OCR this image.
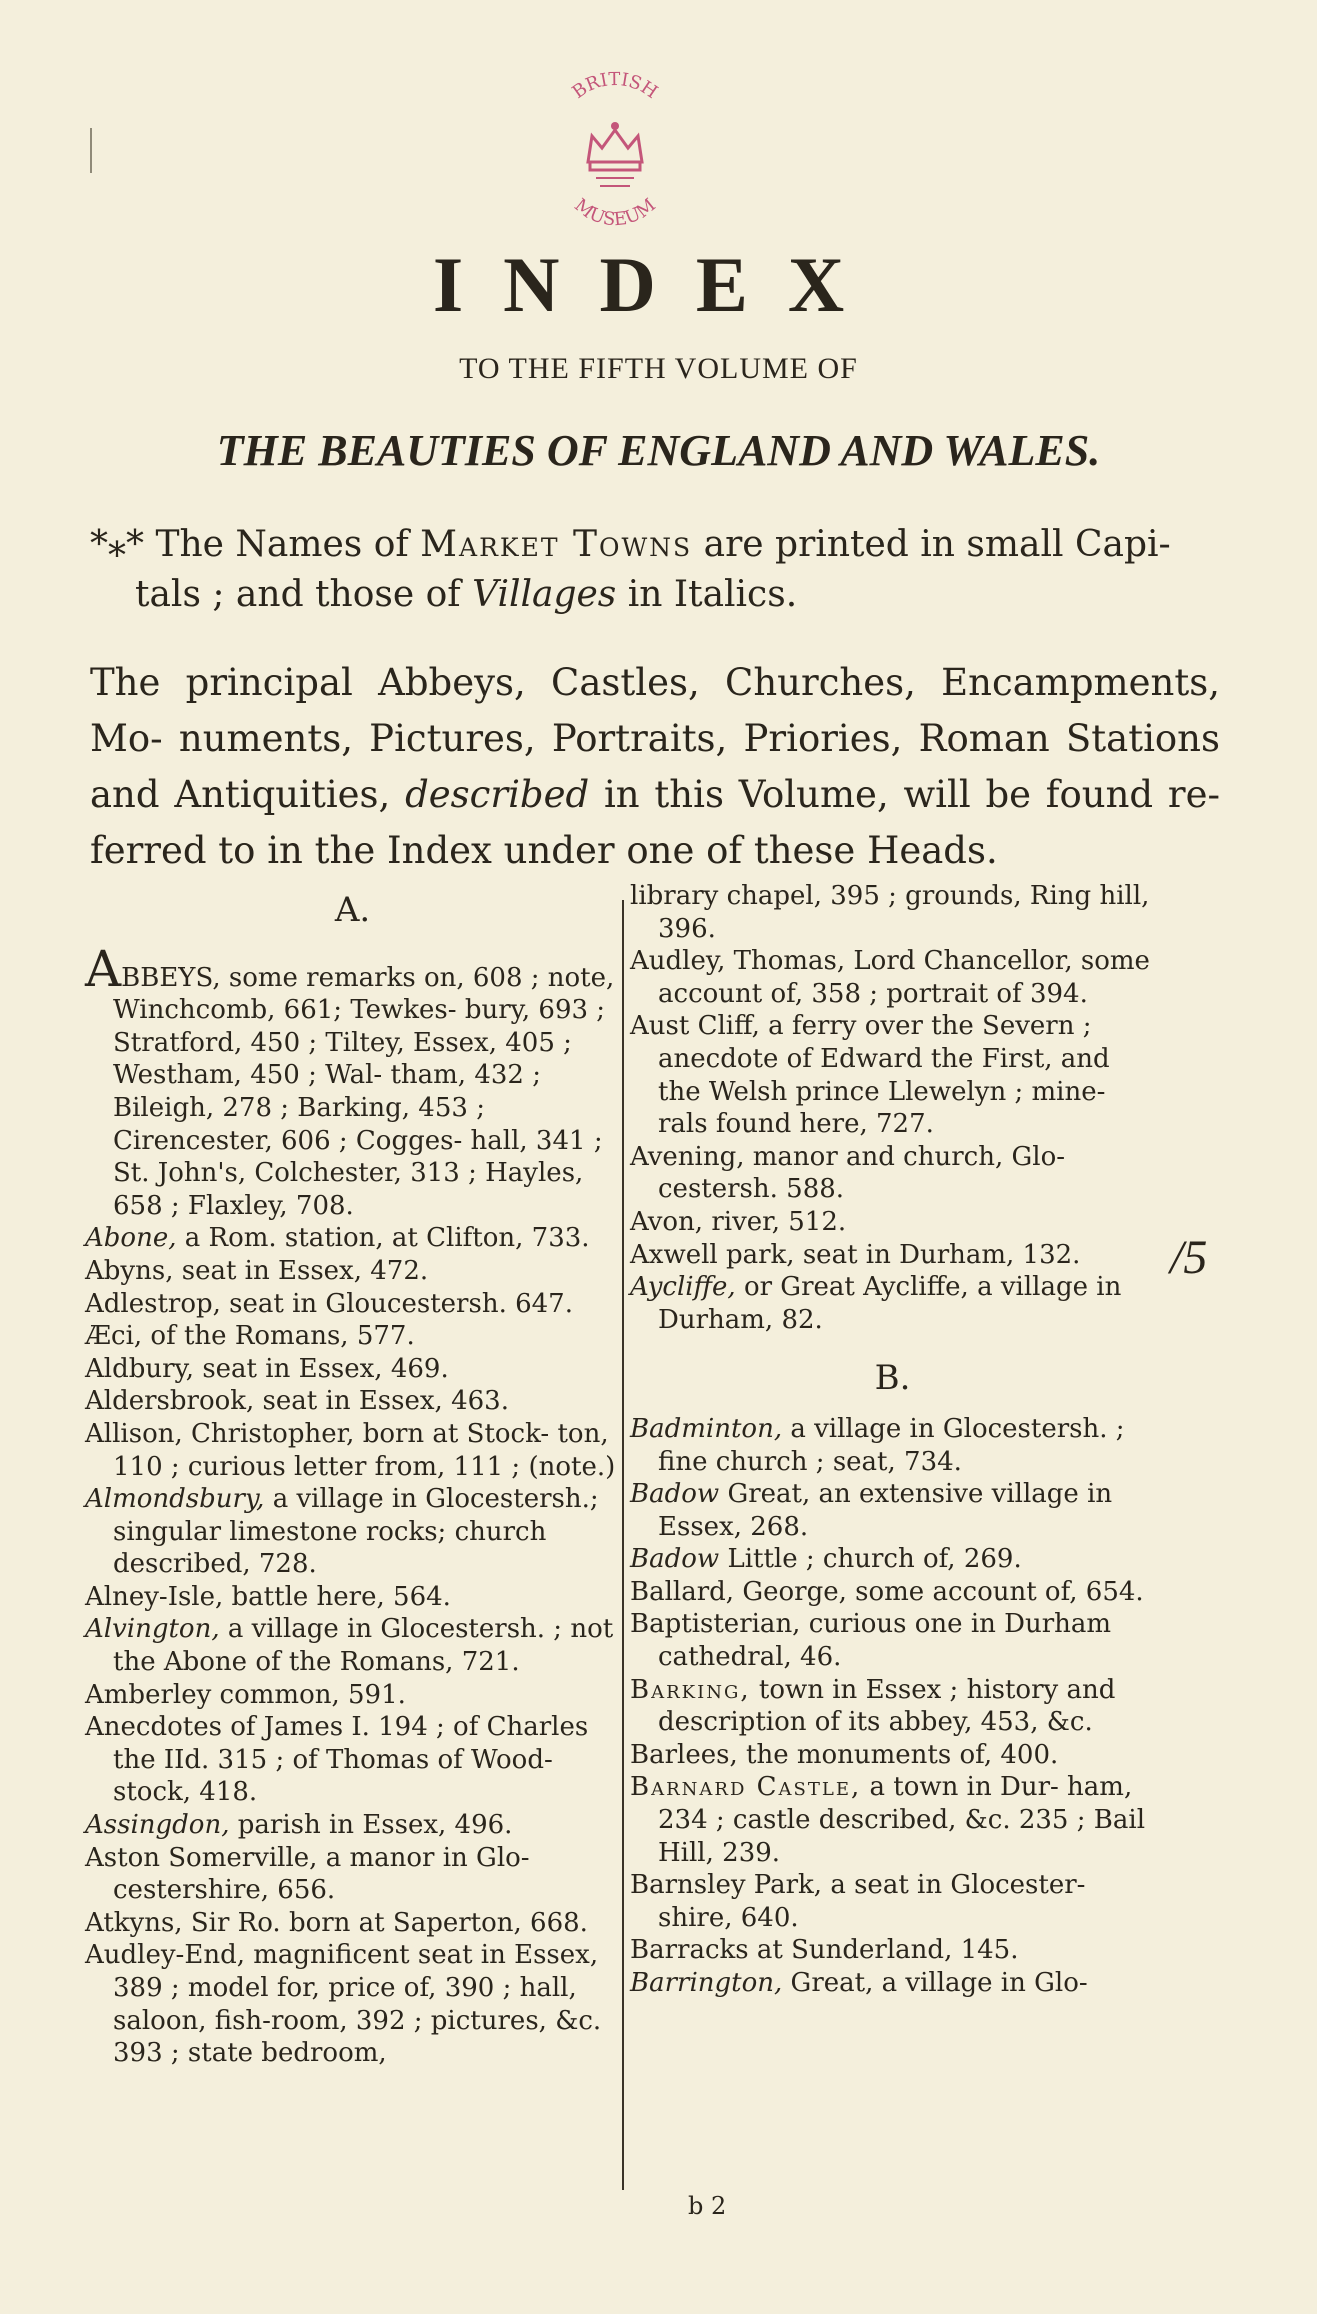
BRITISH
MUSEUM
INDEX
TO THE FIFTH VOLUME OF
THE BEAUTIES OF ENGLAND AND WALES.
*⁎* The Names of Market Towns are printed in small Capi-
tals ; and those of Villages in Italics.
The principal Abbeys, Castles, Churches, Encampments, Mo- numents, Pictures, Portraits, Priories, Roman Stations and Antiquities, described in this Volume, will be found re- ferred to in the Index under one of these Heads.
A.
ABBEYS, some remarks on, 608 ; note, Winchcomb, 661; Tewkes- bury, 693 ; Stratford, 450 ; Tiltey, Essex, 405 ; Westham, 450 ; Wal- tham, 432 ; Bileigh, 278 ; Barking, 453 ; Cirencester, 606 ; Cogges- hall, 341 ; St. John's, Colchester, 313 ; Hayles, 658 ; Flaxley, 708.
Abone, a Rom. station, at Clifton, 733.
Abyns, seat in Essex, 472.
Adlestrop, seat in Gloucestersh. 647.
Æci, of the Romans, 577.
Aldbury, seat in Essex, 469.
Aldersbrook, seat in Essex, 463.
Allison, Christopher, born at Stock- ton, 110 ; curious letter from, 111 ; (note.)
Almondsbury, a village in Glocestersh.; singular limestone rocks; church described, 728.
Alney-Isle, battle here, 564.
Alvington, a village in Glocestersh. ; not the Abone of the Romans, 721.
Amberley common, 591.
Anecdotes of James I. 194 ; of Charles the IId. 315 ; of Thomas of Wood- stock, 418.
Assingdon, parish in Essex, 496.
Aston Somerville, a manor in Glo- cestershire, 656.
Atkyns, Sir Ro. born at Saperton, 668.
Audley-End, magnificent seat in Essex, 389 ; model for, price of, 390 ; hall, saloon, fish-room, 392 ; pictures, &c. 393 ; state bedroom,
library chapel, 395 ; grounds, Ring hill, 396.
Audley, Thomas, Lord Chancellor, some account of, 358 ; portrait of 394.
Aust Cliff, a ferry over the Severn ; anecdote of Edward the First, and the Welsh prince Llewelyn ; mine- rals found here, 727.
Avening, manor and church, Glo- cestersh. 588.
Avon, river, 512.
Axwell park, seat in Durham, 132.
Aycliffe, or Great Aycliffe, a village in Durham, 82.
B.
Badminton, a village in Glocestersh. ; fine church ; seat, 734.
Badow Great, an extensive village in Essex, 268.
Badow Little ; church of, 269.
Ballard, George, some account of, 654.
Baptisterian, curious one in Durham cathedral, 46.
Barking, town in Essex ; history and description of its abbey, 453, &c.
Barlees, the monuments of, 400.
Barnard Castle, a town in Dur- ham, 234 ; castle described, &c. 235 ; Bail Hill, 239.
Barnsley Park, a seat in Glocester- shire, 640.
Barracks at Sunderland, 145.
Barrington, Great, a village in Glo-
/5
b 2
